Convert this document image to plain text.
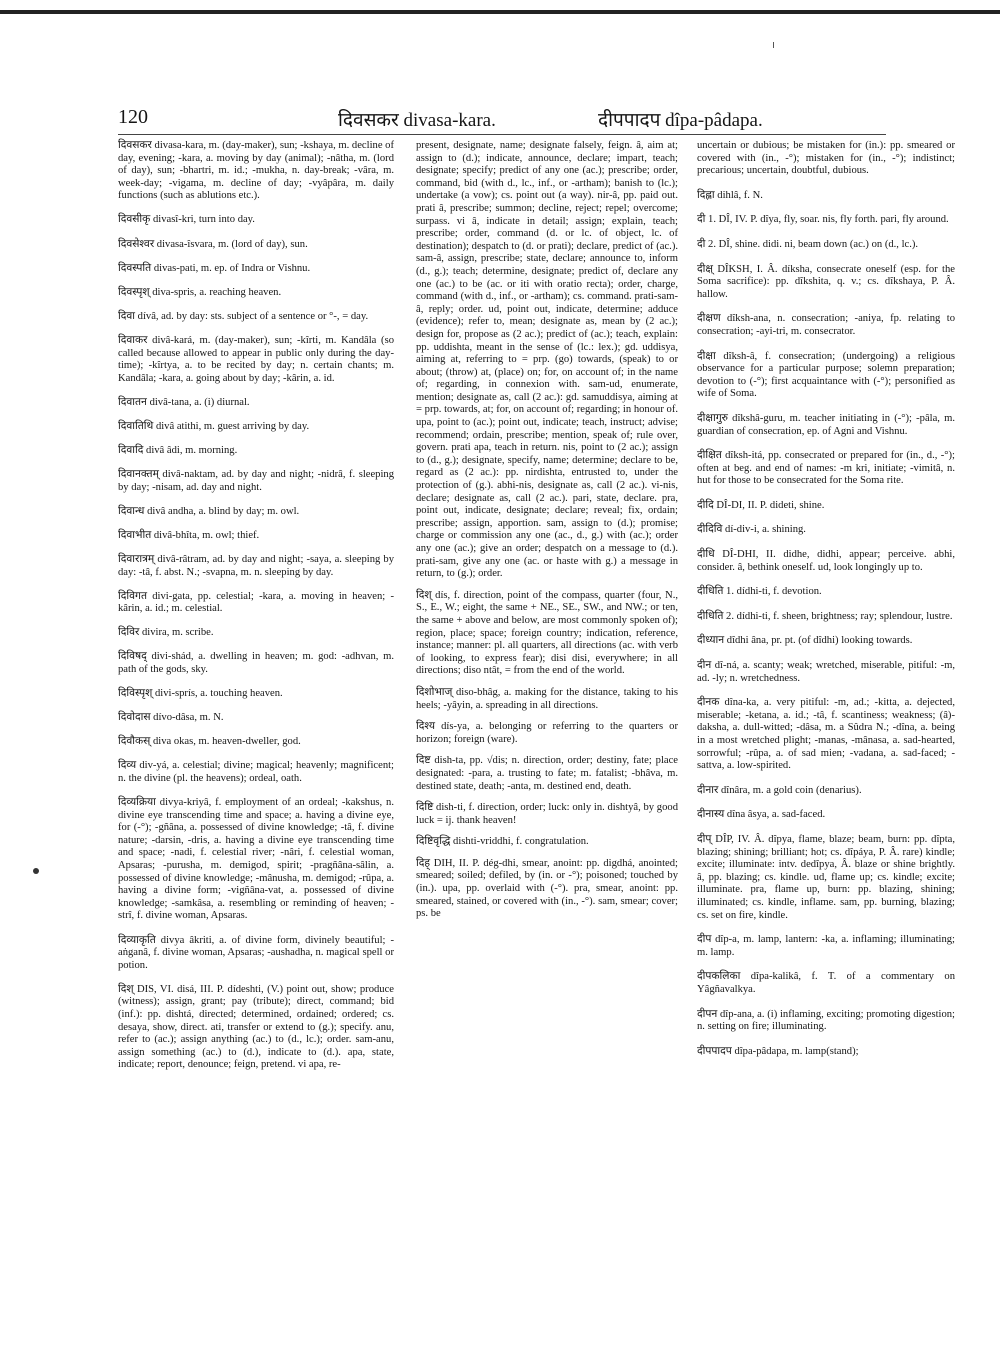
120	दिवसकर divasa-kara.	दीपपादप dîpa-pâdapa.
दिवसकर divasa-kara, m. (day-maker), sun; -kshaya, m. decline of day, evening; -kara, a. moving by day (animal); -nâtha, m. (lord of day), sun; -bhartri, m. id.; -mukha, n. day-break; -vâra, m. week-day; -vigama, m. decline of day; -vyâpâra, m. daily functions (such as ablutions etc.).
दिवसीकृ divasî-kri, turn into day.
दिवसेश्वर divasa-îsvara, m. (lord of day), sun.
दिवस्पति divas-pati, m. ep. of Indra or Vishnu.
दिवस्पृश् diva-spris, a. reaching heaven.
दिवा dívâ, ad. by day: sts. subject of a sentence or °-, = day.
दिवाकर divâ-kará, m. (day-maker), sun; -kîrti, m. Kandâla (so called because allowed to appear in public only during the day-time); -kîrtya, a. to be recited by day; n. certain chants; m. Kandâla; -kara, a. going about by day; -kârin, a. id.
दिवातन divâ-tana, a. (i) diurnal.
दिवातिथि divâ atithi, m. guest arriving by day.
दिवादि divâ âdi, m. morning.
दिवानक्तम् divâ-naktam, ad. by day and night; -nidrâ, f. sleeping by day; -nisam, ad. day and night.
दिवान्ध divâ andha, a. blind by day; m. owl.
दिवाभीत divâ-bhîta, m. owl; thief.
दिवारात्रम् divâ-râtram, ad. by day and night; -saya, a. sleeping by day: -tâ, f. abst. N.; -svapna, m. n. sleeping by day.
दिविगत divi-gata, pp. celestial; -kara, a. moving in heaven; -kârin, a. id.; m. celestial.
दिविर divira, m. scribe.
दिविषद् divi-shád, a. dwelling in heaven; m. god: -adhvan, m. path of the gods, sky.
दिविस्पृश् divi-sprís, a. touching heaven.
दिवोदास dívo-dâsa, m. N.
दिवौकस् diva okas, m. heaven-dweller, god.
दिव्य div-yá, a. celestial; divine; magical; heavenly; magnificent; n. the divine (pl. the heavens); ordeal, oath.
दिव्यक्रिया divya-kriyâ, f. employment of an ordeal; -kakshus, n. divine eye transcending time and space; a. having a divine eye, for (-°); -gñâna, a. possessed of divine knowledge; -tâ, f. divine nature; -darsin, -dris, a. having a divine eye transcending time and space; -nadi, f. celestial river; -nâri, f. celestial woman, Apsaras; -purusha, m. demigod, spirit; -pragñâna-sâlin, a. possessed of divine knowledge; -mânusha, m. demigod; -rûpa, a. having a divine form; -vigñâna-vat, a. possessed of divine knowledge; -samkâsa, a. resembling or reminding of heaven; -strî, f. divine woman, Apsaras.
दिव्याकृति divya âkriti, a. of divine form, divinely beautiful; -aṅganâ, f. divine woman, Apsaras; -aushadha, n. magical spell or potion.
दिश् DIS, VI. disá, III. P. dídeshti, (V.) point out, show; produce (witness); assign, grant; pay (tribute); direct, command; bid (inf.): pp. dishtá, directed; determined, ordained; ordered; cs. desaya, show, direct. ati, transfer or extend to (g.); specify. anu, refer to (ac.); assign anything (ac.) to (d., lc.); order. sam-anu, assign something (ac.) to (d.), indicate to (d.). apa, state, indicate; report, denounce; feign, pretend. vi apa, re-
present, designate, name; designate falsely, feign. â, aim at; assign to (d.); indicate, announce, declare; impart, teach; designate; specify; predict of any one (ac.); prescribe; order, command, bid (with d., lc., inf., or -artham); banish to (lc.); undertake (a vow); cs. point out (a way). nir-â, pp. paid out. prati â, prescribe; summon; decline, reject; repel; overcome; surpass. vi â, indicate in detail; assign; explain, teach; prescribe; order, command (d. or lc. of object, lc. of destination); despatch to (d. or prati); declare, predict of (ac.). sam-â, assign, prescribe; state, declare; announce to, inform (d., g.); teach; determine, designate; predict of, declare any one (ac.) to be (ac. or iti with oratio recta); order, charge, command (with d., inf., or -artham); cs. command. prati-sam-â, reply; order. ud, point out, indicate, determine; adduce (evidence); refer to, mean; designate as, mean by (2 ac.); design for, propose as (2 ac.); predict of (ac.); teach, explain: pp. uddishta, meant in the sense of (lc.: lex.); gd. uddisya, aiming at, referring to = prp. (go) towards, (speak) to or about; (throw) at, (place) on; for, on account of; in the name of; regarding, in connexion with. sam-ud, enumerate, mention; designate as, call (2 ac.): gd. samuddisya, aiming at = prp. towards, at; for, on account of; regarding; in honour of. upa, point to (ac.); point out, indicate; teach, instruct; advise; recommend; ordain, prescribe; mention, speak of; rule over, govern. prati apa, teach in return. nis, point to (2 ac.); assign to (d., g.); designate, specify, name; determine; declare to be, regard as (2 ac.): pp. nirdishta, entrusted to, under the protection of (g.). abhi-nis, designate as, call (2 ac.). vi-nis, declare; designate as, call (2 ac.). pari, state, declare. pra, point out, indicate, designate; declare; reveal; fix, ordain; prescribe; assign, apportion. sam, assign to (d.); promise; charge or commission any one (ac., d., g.) with (ac.); order any one (ac.); give an order; despatch on a message to (d.). prati-sam, give any one (ac. or haste with g.) a message in return, to (g.); order.
दिश् dís, f. direction, point of the compass, quarter (four, N., S., E., W.; eight, the same + NE., SE., SW., and NW.; or ten, the same + above and below, are most commonly spoken of); region, place; space; foreign country; indication, reference, instance; manner: pl. all quarters, all directions (ac. with verb of looking, to express fear); disi disi, everywhere; in all directions; diso ntât, = from the end of the world.
दिशोभाज् diso-bhâg, a. making for the distance, taking to his heels; -yâyin, a. spreading in all directions.
दिश्य dís-ya, a. belonging or referring to the quarters or horizon; foreign (ware).
दिष्ट dish-ta, pp. √dis; n. direction, order; destiny, fate; place designated: -para, a. trusting to fate; m. fatalist; -bhâva, m. destined state, death; -anta, m. destined end, death.
दिष्टि dish-ti, f. direction, order; luck: only in. dishtyâ, by good luck = ij. thank heaven!
दिष्टिवृद्धि dishti-vriddhi, f. congratulation.
दिह् DIH, II. P. dég-dhi, smear, anoint: pp. digdhá, anointed; smeared; soiled; defiled, by (in. or -°); poisoned; touched by (in.). upa, pp. overlaid with (-°). pra, smear, anoint: pp. smeared, stained, or covered with (in., -°). sam, smear; cover; ps. be
uncertain or dubious; be mistaken for (in.): pp. smeared or covered with (in., -°); mistaken for (in., -°); indistinct; precarious; uncertain, doubtful, dubious.
दिह्ला dihlâ, f. N.
दी 1. DÎ, IV. P. dîya, fly, soar. nis, fly forth. pari, fly around.
दी 2. DÎ, shine. didi. ni, beam down (ac.) on (d., lc.).
दीक्ष् DÎKSH, I. Â. díksha, consecrate oneself (esp. for the Soma sacrifice): pp. dîkshita, q. v.; cs. dîkshaya, P. Â. hallow.
दीक्षण dîksh-ana, n. consecration; -aniya, fp. relating to consecration; -ayi-tri, m. consecrator.
दीक्षा dîksh-â, f. consecration; (undergoing) a religious observance for a particular purpose; solemn preparation; devotion to (-°); first acquaintance with (-°); personified as wife of Soma.
दीक्षागुरु dîkshâ-guru, m. teacher initiating in (-°); -pâla, m. guardian of consecration, ep. of Agni and Vishnu.
दीक्षित dîksh-itá, pp. consecrated or prepared for (in., d., -°); often at beg. and end of names: -m kri, initiate; -vimitâ, n. hut for those to be consecrated for the Soma rite.
दीदि DÎ-DI, II. P. dideti, shine.
दीदिवि dí-div-i, a. shining.
दीधि DÎ-DHI, II. didhe, didhi, appear; perceive. abhi, consider. â, bethink oneself. ud, look longingly up to.
दीधिति 1. dídhi-ti, f. devotion.
दीधिति 2. dídhi-ti, f. sheen, brightness; ray; splendour, lustre.
दीध्यान dîdhi âna, pr. pt. (of dîdhi) looking towards.
दीन dî-ná, a. scanty; weak; wretched, miserable, pitiful: -m, ad. -ly; n. wretchedness.
दीनक dîna-ka, a. very pitiful: -m, ad.; -kitta, a. dejected, miserable; -ketana, a. id.; -tâ, f. scantiness; weakness; (â)-daksha, a. dull-witted; -dâsa, m. a Sûdra N.; -dîna, a. being in a most wretched plight; -manas, -mânasa, a. sad-hearted, sorrowful; -rûpa, a. of sad mien; -vadana, a. sad-faced; -sattva, a. low-spirited.
दीनार dînâra, m. a gold coin (denarius).
दीनास्य dîna âsya, a. sad-faced.
दीप् DÎP, IV. Â. dîpya, flame, blaze; beam, burn: pp. dîpta, blazing; shining; brilliant; hot; cs. dîpáya, P. Â. rare) kindle; excite; illuminate: intv. dedîpya, Â. blaze or shine brightly. â, pp. blazing; cs. kindle. ud, flame up; cs. kindle; excite; illuminate. pra, flame up, burn: pp. blazing, shining; illuminated; cs. kindle, inflame. sam, pp. burning, blazing; cs. set on fire, kindle.
दीप dîp-a, m. lamp, lantern: -ka, a. inflaming; illuminating; m. lamp.
दीपकलिका dîpa-kalikâ, f. T. of a commentary on Yâgñavalkya.
दीपन dîp-ana, a. (i) inflaming, exciting; promoting digestion; n. setting on fire; illuminating.
दीपपादप dîpa-pâdapa, m. lamp(stand);
